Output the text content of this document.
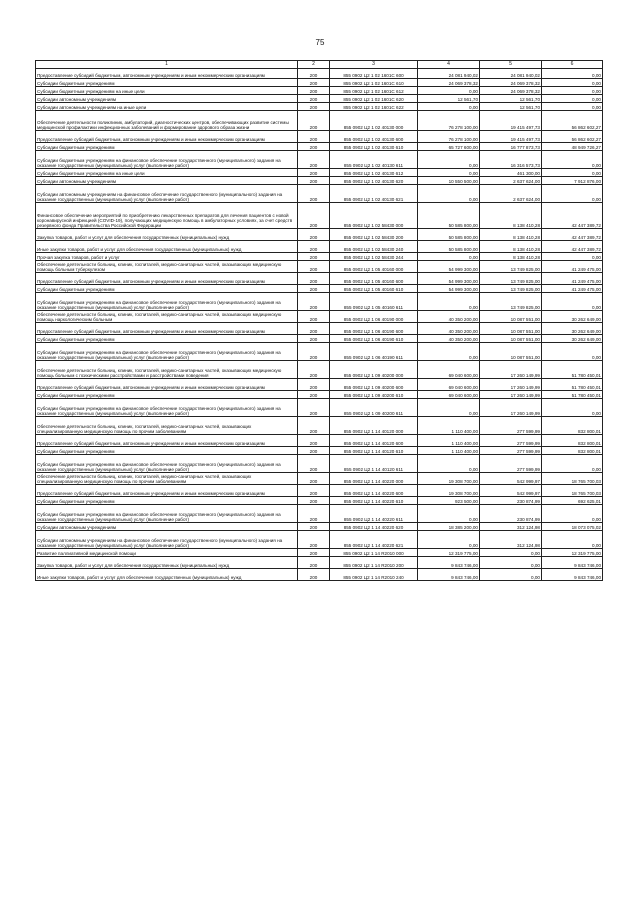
75
1	2	3	4	5	6
Предоставление субсидий бюджетным, автономным учреждениям и иным некоммерческим организациям	200	855 0902 Ц2 1 02 1601C 600	24 081 940,02	24 081 940,02	0,00
Субсидии бюджетным учреждениям	200	855 0902 Ц2 1 02 1601C 610	24 069 378,32	24 069 378,32	0,00
Субсидии бюджетным учреждениям на иные цели	200	855 0902 Ц2 1 02 1601C 612	0,00	24 069 378,32	0,00
Субсидии автономным учреждениям	200	855 0902 Ц2 1 02 1601C 620	12 561,70	12 561,70	0,00
Субсидии автономным учреждениям на иные цели	200	855 0902 Ц2 1 02 1601C 622	0,00	12 561,70	0,00
Обеспечение деятельности поликлиник, амбулаторий, диагностических центров, обеспечивающих развитие системы медицинской профилактики инфекционных заболеваний и формирование здорового образа жизни	200	855 0902 Ц2 1 02 40130 000	76 278 100,00	19 415 497,73	56 862 602,27
Предоставление субсидий бюджетным, автономным учреждениям и иным некоммерческим организациям	200	855 0902 Ц2 1 02 40130 600	76 278 100,00	19 415 497,73	56 862 602,27
Субсидии бюджетным учреждениям	200	855 0902 Ц2 1 02 40130 610	65 727 600,00	16 777 873,73	48 949 726,27
Субсидии бюджетным учреждениям на финансовое обеспечение государственного (муниципального) задания на оказание государственных (муниципальных) услуг (выполнение работ)	200	855 0902 Ц2 1 02 40130 611	0,00	16 316 573,73	0,00
Субсидии бюджетным учреждениям на иные цели	200	855 0902 Ц2 1 02 40130 612	0,00	461 300,00	0,00
Субсидии автономным учреждениям	200	855 0902 Ц2 1 02 40130 620	10 550 500,00	2 637 624,00	7 912 876,00
Субсидии автономным учреждениям на финансовое обеспечение государственного (муниципального) задания на оказание государственных (муниципальных) услуг (выполнение работ)	200	855 0902 Ц2 1 02 40130 621	0,00	2 637 624,00	0,00
Финансовое обеспечение мероприятий по приобретению лекарственных препаратов для лечения пациентов с новой коронавирусной инфекцией (COVID-19), получающих медицинскую помощь в амбулаторных условиях, за счет средств резервного фонда Правительства Российской Федерации	200	855 0902 Ц2 1 02 58430 000	50 585 800,00	8 138 410,28	42 447 389,72
Закупка товаров, работ и услуг для обеспечения государственных (муниципальных) нужд	200	855 0902 Ц2 1 02 58430 200	50 585 800,00	8 138 410,28	42 447 389,72
Иные закупки товаров, работ и услуг для обеспечения государственных (муниципальных) нужд	200	855 0902 Ц2 1 02 58430 240	50 585 800,00	8 138 410,28	42 447 389,72
Прочая закупка товаров, работ и услуг	200	855 0902 Ц2 1 02 58430 244	0,00	8 138 410,28	0,00
Обеспечение деятельности больниц, клиник, госпиталей, медико-санитарных частей, оказывающих медицинскую помощь больным туберкулезом	200	855 0902 Ц2 1 05 40160 000	54 999 300,00	13 749 825,00	41 249 475,00
Предоставление субсидий бюджетным, автономным учреждениям и иным некоммерческим организациям	200	855 0902 Ц2 1 05 40160 600	54 999 300,00	13 749 825,00	41 249 475,00
Субсидии бюджетным учреждениям	200	855 0902 Ц2 1 05 40160 610	54 999 300,00	13 749 825,00	41 249 475,00
Субсидии бюджетным учреждениям на финансовое обеспечение государственного (муниципального) задания на оказание государственных (муниципальных) услуг (выполнение работ)	200	855 0902 Ц2 1 05 40160 611	0,00	13 749 825,00	0,00
Обеспечение деятельности больниц, клиник, госпиталей, медико-санитарных частей, оказывающих медицинскую помощь наркологическим больным	200	855 0902 Ц2 1 06 40190 000	40 350 200,00	10 087 551,00	30 262 649,00
Предоставление субсидий бюджетным, автономным учреждениям и иным некоммерческим организациям	200	855 0902 Ц2 1 06 40190 600	40 350 200,00	10 087 551,00	30 262 649,00
Субсидии бюджетным учреждениям	200	855 0902 Ц2 1 06 40190 610	40 350 200,00	10 087 551,00	30 262 649,00
Субсидии бюджетным учреждениям на финансовое обеспечение государственного (муниципального) задания на оказание государственных (муниципальных) услуг (выполнение работ)	200	855 0902 Ц2 1 06 40190 611	0,00	10 087 551,00	0,00
Обеспечение деятельности больниц, клиник, госпиталей, медико-санитарных частей, оказывающих медицинскую помощь больным с психическими расстройствами и расстройствами поведения	200	855 0902 Ц2 1 09 40200 000	69 040 600,00	17 260 149,99	51 780 450,01
Предоставление субсидий бюджетным, автономным учреждениям и иным некоммерческим организациям	200	855 0902 Ц2 1 09 40200 600	69 040 600,00	17 260 149,99	51 780 450,01
Субсидии бюджетным учреждениям	200	855 0902 Ц2 1 09 40200 610	69 040 600,00	17 260 149,99	51 780 450,01
Субсидии бюджетным учреждениям на финансовое обеспечение государственного (муниципального) задания на оказание государственных (муниципальных) услуг (выполнение работ)	200	855 0902 Ц2 1 09 40200 611	0,00	17 260 149,99	0,00
Обеспечение деятельности больниц, клиник, госпиталей, медико-санитарных частей, оказывающих специализированную медицинскую помощь по прочим заболеваниям	200	855 0902 Ц2 1 14 40120 000	1 110 400,00	277 599,99	832 800,01
Предоставление субсидий бюджетным, автономным учреждениям и иным некоммерческим организациям	200	855 0902 Ц2 1 14 40120 600	1 110 400,00	277 599,99	832 800,01
Субсидии бюджетным учреждениям	200	855 0902 Ц2 1 14 40120 610	1 110 400,00	277 599,99	832 800,01
Субсидии бюджетным учреждениям на финансовое обеспечение государственного (муниципального) задания на оказание государственных (муниципальных) услуг (выполнение работ)	200	855 0902 Ц2 1 14 40120 611	0,00	277 599,99	0,00
Обеспечение деятельности больниц, клиник, госпиталей, медико-санитарных частей, оказывающих специализированную медицинскую помощь по прочим заболеваниям	200	855 0902 Ц2 1 14 40220 000	19 308 700,00	542 999,97	18 765 700,03
Предоставление субсидий бюджетным, автономным учреждениям и иным некоммерческим организациям	200	855 0902 Ц2 1 14 40220 600	19 308 700,00	542 999,97	18 765 700,03
Субсидии бюджетным учреждениям	200	855 0902 Ц2 1 14 40220 610	923 500,00	230 874,99	692 625,01
Субсидии бюджетным учреждениям на финансовое обеспечение государственного (муниципального) задания на оказание государственных (муниципальных) услуг (выполнение работ)	200	855 0902 Ц2 1 14 40220 611	0,00	230 874,99	0,00
Субсидии автономным учреждениям	200	855 0902 Ц2 1 14 40220 620	18 385 200,00	312 124,98	18 073 075,02
Субсидии автономным учреждениям на финансовое обеспечение государственного (муниципального) задания на оказание государственных (муниципальных) услуг (выполнение работ)	200	855 0902 Ц2 1 14 40220 621	0,00	312 124,98	0,00
Развитие паллиативной медицинской помощи	200	855 0902 Ц2 1 14 R2010 000	12 319 775,00	0,00	12 319 775,00
Закупка товаров, работ и услуг для обеспечения государственных (муниципальных) нужд	200	855 0902 Ц2 1 14 R2010 200	9 843 746,00	0,00	9 843 746,00
Иные закупки товаров, работ и услуг для обеспечения государственных (муниципальных) нужд	200	855 0902 Ц2 1 14 R2010 240	9 843 746,00	0,00	9 843 746,00
